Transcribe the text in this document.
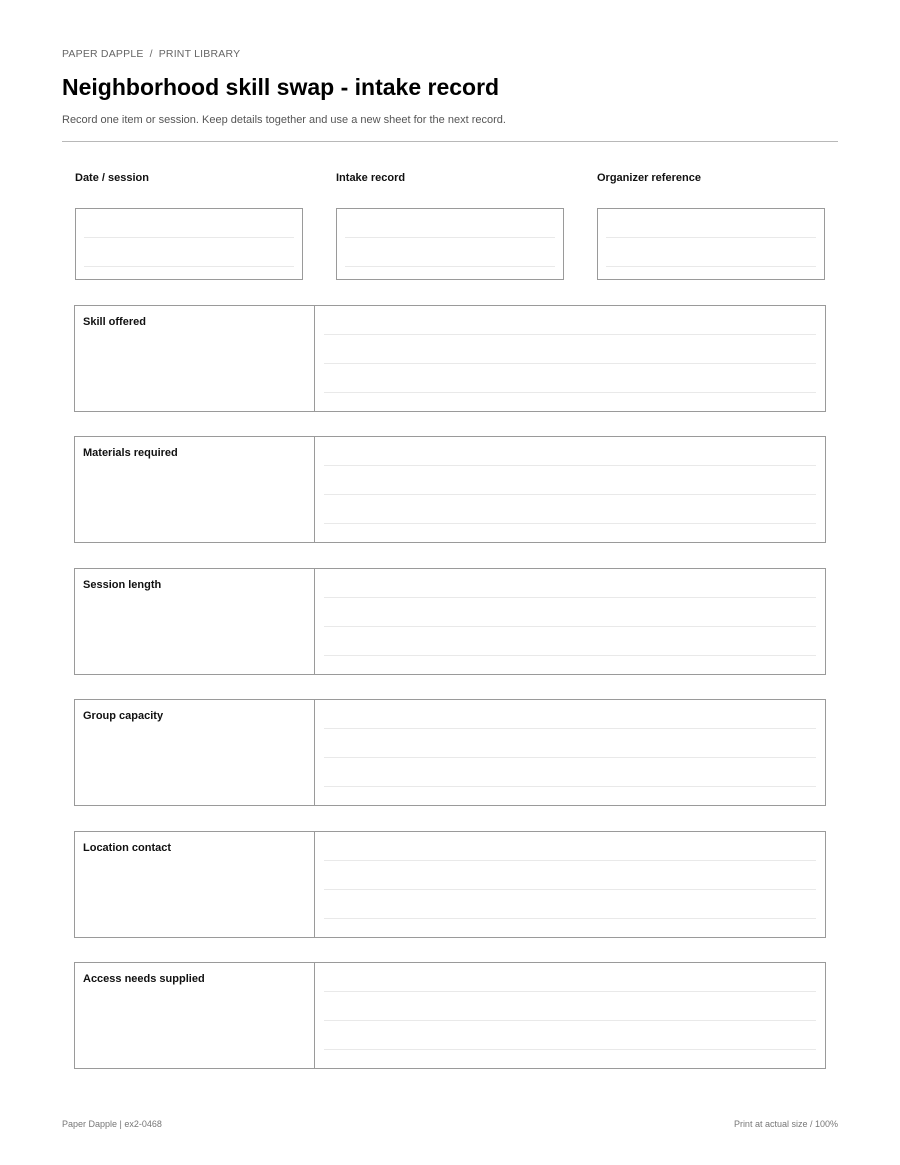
PAPER DAPPLE / PRINT LIBRARY
Neighborhood skill swap - intake record

Record one item or session. Keep details together and use a new sheet for the next record.

Date / session	Intake record	Organizer reference
Skill offered
Materials required
Session length
Group capacity
Location contact
Access needs supplied
Paper Dapple | ex2-0468	Print at actual size / 100%
